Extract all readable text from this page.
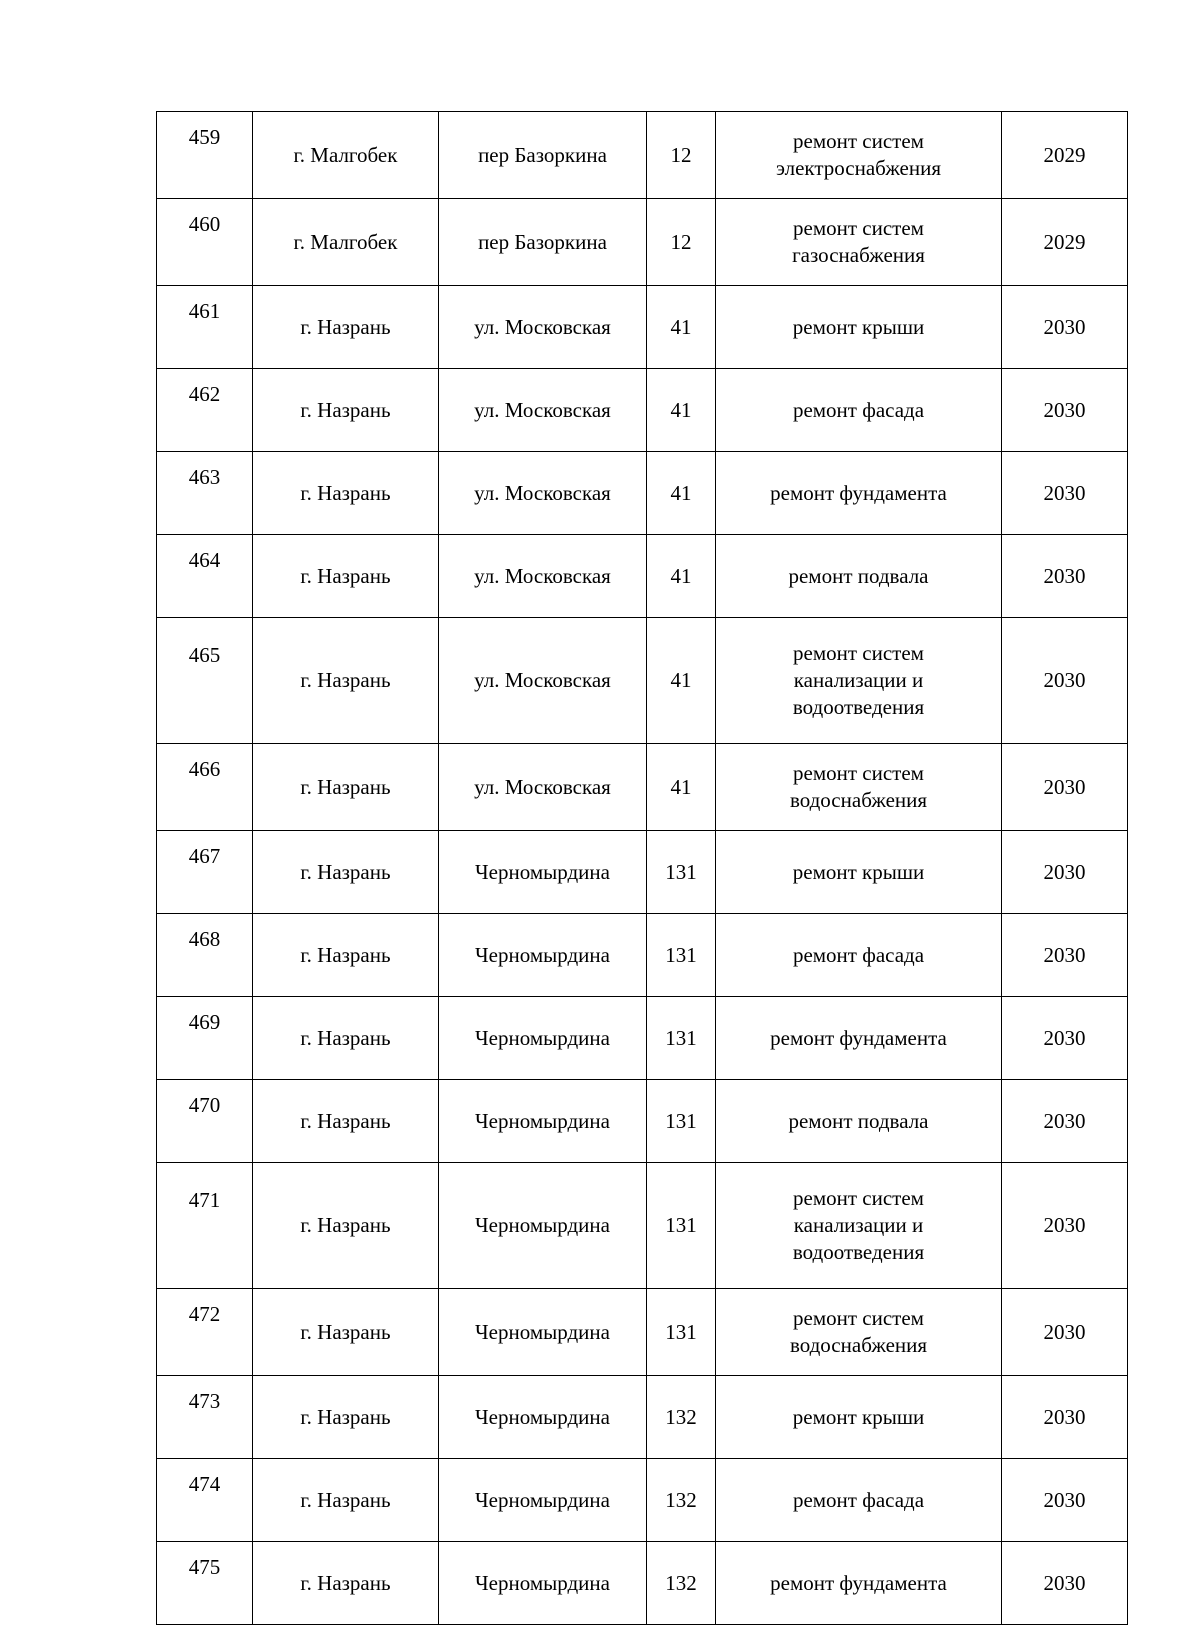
459	г. Малгобек	пер Базоркина	12	ремонт систем
электроснабжения	2029
460	г. Малгобек	пер Базоркина	12	ремонт систем
газоснабжения	2029
461	г. Назрань	ул. Московская	41	ремонт крыши	2030
462	г. Назрань	ул. Московская	41	ремонт фасада	2030
463	г. Назрань	ул. Московская	41	ремонт фундамента	2030
464	г. Назрань	ул. Московская	41	ремонт подвала	2030
465	г. Назрань	ул. Московская	41	ремонт систем
канализации и
водоотведения	2030
466	г. Назрань	ул. Московская	41	ремонт систем
водоснабжения	2030
467	г. Назрань	Черномырдина	131	ремонт крыши	2030
468	г. Назрань	Черномырдина	131	ремонт фасада	2030
469	г. Назрань	Черномырдина	131	ремонт фундамента	2030
470	г. Назрань	Черномырдина	131	ремонт подвала	2030
471	г. Назрань	Черномырдина	131	ремонт систем
канализации и
водоотведения	2030
472	г. Назрань	Черномырдина	131	ремонт систем
водоснабжения	2030
473	г. Назрань	Черномырдина	132	ремонт крыши	2030
474	г. Назрань	Черномырдина	132	ремонт фасада	2030
475	г. Назрань	Черномырдина	132	ремонт фундамента	2030
